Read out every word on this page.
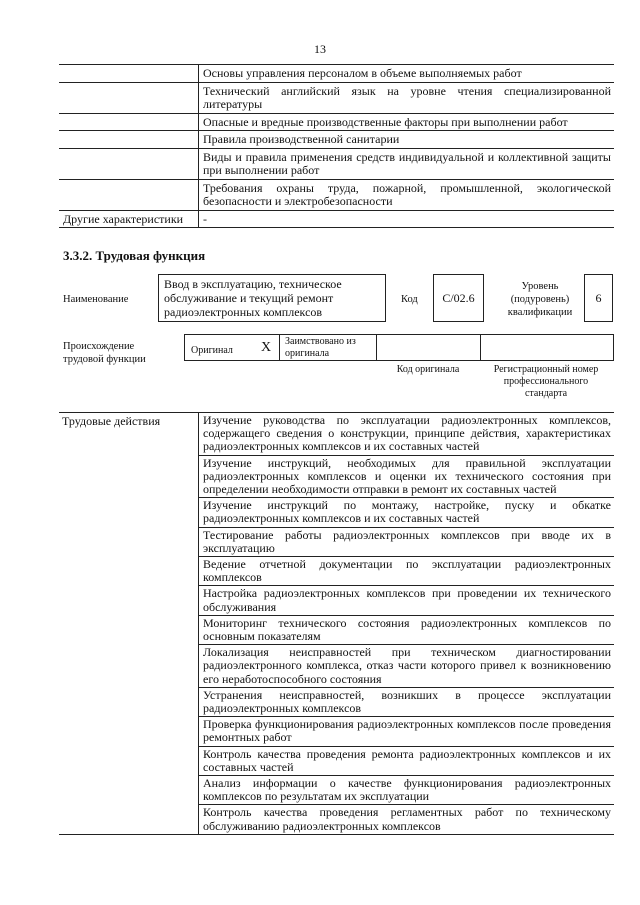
13
	Основы управления персоналом в объеме выполняемых работ
	Технический английский язык на уровне чтения специализированной литературы
	Опасные и вредные производственные факторы при выполнении работ
	Правила производственной санитарии
	Виды и правила применения средств индивидуальной и коллективной защиты при выполнении работ
	Требования охраны труда, пожарной, промышленной, экологической безопасности и электробезопасности
Другие характеристики	-
3.3.2. Трудовая функция
Наименование
Ввод в эксплуатацию, техническое обслуживание и текущий ремонт радиоэлектронных комплексов
Код	C/02.6
Уровень (подуровень) квалификации
6
Происхождение трудовой функции
Оригинал X Заимствовано из оригинала
Код оригинала	Регистрационный номер профессионального стандарта
Трудовые действия	Изучение руководства по эксплуатации радиоэлектронных комплексов, содержащего сведения о конструкции, принципе действия, характеристиках радиоэлектронных комплексов и их составных частей
Изучение инструкций, необходимых для правильной эксплуатации радиоэлектронных комплексов и оценки их технического состояния при определении необходимости отправки в ремонт их составных частей
Изучение инструкций по монтажу, настройке, пуску и обкатке радиоэлектронных комплексов и их составных частей
Тестирование работы радиоэлектронных комплексов при вводе их в эксплуатацию
Ведение отчетной документации по эксплуатации радиоэлектронных комплексов
Настройка радиоэлектронных комплексов при проведении их технического обслуживания
Мониторинг технического состояния радиоэлектронных комплексов по основным показателям
Локализация неисправностей при техническом диагностировании радиоэлектронного комплекса, отказ части которого привел к возникновению его неработоспособного состояния
Устранения неисправностей, возникших в процессе эксплуатации радиоэлектронных комплексов
Проверка функционирования радиоэлектронных комплексов после проведения ремонтных работ
Контроль качества проведения ремонта радиоэлектронных комплексов и их составных частей
Анализ информации о качестве функционирования радиоэлектронных комплексов по результатам их эксплуатации
Контроль качества проведения регламентных работ по техническому обслуживанию радиоэлектронных комплексов
